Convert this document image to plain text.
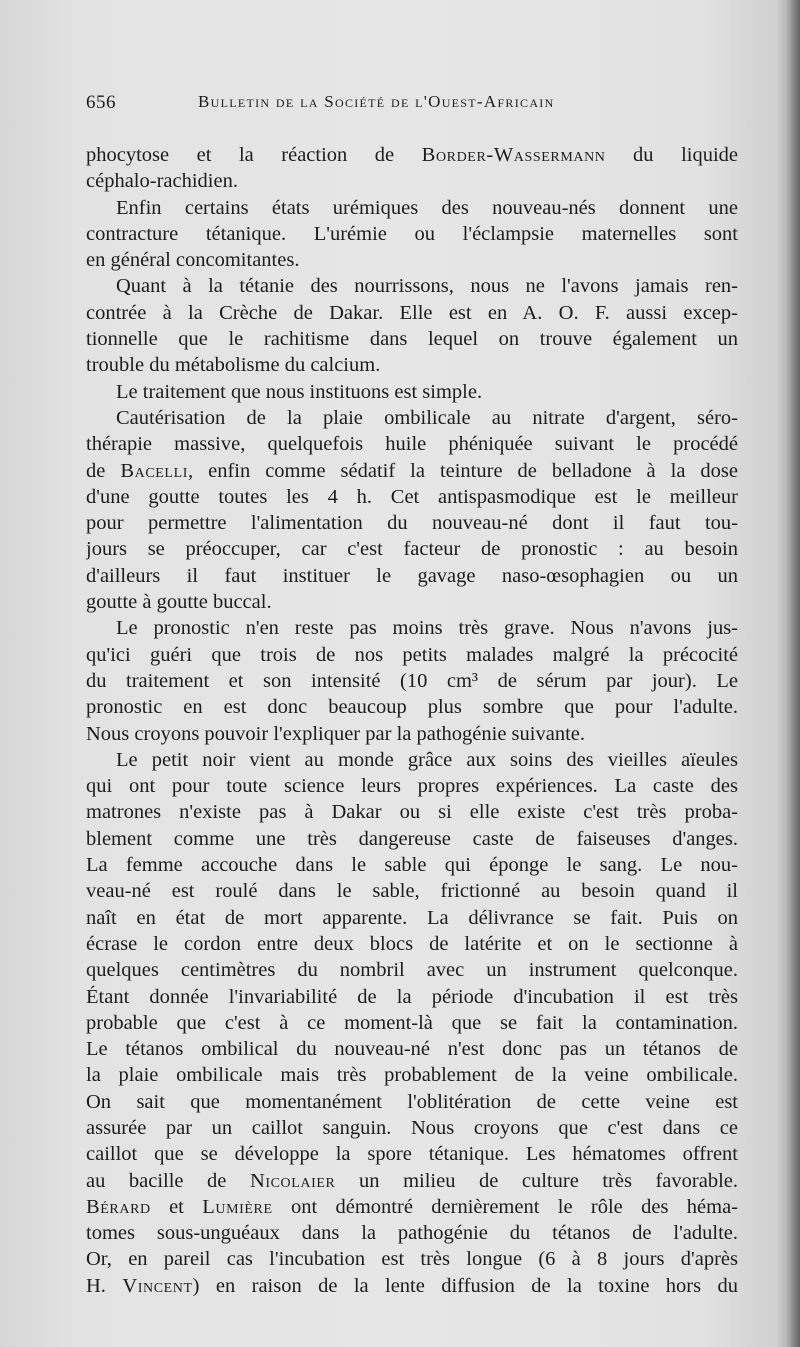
656	Bulletin de la Société de l'Ouest-Africain
phocytose et la réaction de Border-Wassermann du liquide
céphalo-rachidien.
Enfin certains états urémiques des nouveau-nés donnent une
contracture tétanique. L'urémie ou l'éclampsie maternelles sont
en général concomitantes.
Quant à la tétanie des nourrissons, nous ne l'avons jamais ren-
contrée à la Crèche de Dakar. Elle est en A. O. F. aussi excep-
tionnelle que le rachitisme dans lequel on trouve également un
trouble du métabolisme du calcium.
Le traitement que nous instituons est simple.
Cautérisation de la plaie ombilicale au nitrate d'argent, séro-
thérapie massive, quelquefois huile phéniquée suivant le procédé
de Bacelli, enfin comme sédatif la teinture de belladone à la dose
d'une goutte toutes les 4 h. Cet antispasmodique est le meilleur
pour permettre l'alimentation du nouveau-né dont il faut tou-
jours se préoccuper, car c'est facteur de pronostic : au besoin
d'ailleurs il faut instituer le gavage naso-œsophagien ou un
goutte à goutte buccal.
Le pronostic n'en reste pas moins très grave. Nous n'avons jus-
qu'ici guéri que trois de nos petits malades malgré la précocité
du traitement et son intensité (10 cm³ de sérum par jour). Le
pronostic en est donc beaucoup plus sombre que pour l'adulte.
Nous croyons pouvoir l'expliquer par la pathogénie suivante.
Le petit noir vient au monde grâce aux soins des vieilles aïeules
qui ont pour toute science leurs propres expériences. La caste des
matrones n'existe pas à Dakar ou si elle existe c'est très proba-
blement comme une très dangereuse caste de faiseuses d'anges.
La femme accouche dans le sable qui éponge le sang. Le nou-
veau-né est roulé dans le sable, frictionné au besoin quand il
naît en état de mort apparente. La délivrance se fait. Puis on
écrase le cordon entre deux blocs de latérite et on le sectionne à
quelques centimètres du nombril avec un instrument quelconque.
Étant donnée l'invariabilité de la période d'incubation il est très
probable que c'est à ce moment-là que se fait la contamination.
Le tétanos ombilical du nouveau-né n'est donc pas un tétanos de
la plaie ombilicale mais très probablement de la veine ombilicale.
On sait que momentanément l'oblitération de cette veine est
assurée par un caillot sanguin. Nous croyons que c'est dans ce
caillot que se développe la spore tétanique. Les hématomes offrent
au bacille de Nicolaier un milieu de culture très favorable.
Bérard et Lumière ont démontré dernièrement le rôle des héma-
tomes sous-unguéaux dans la pathogénie du tétanos de l'adulte.
Or, en pareil cas l'incubation est très longue (6 à 8 jours d'après
H. Vincent) en raison de la lente diffusion de la toxine hors du
